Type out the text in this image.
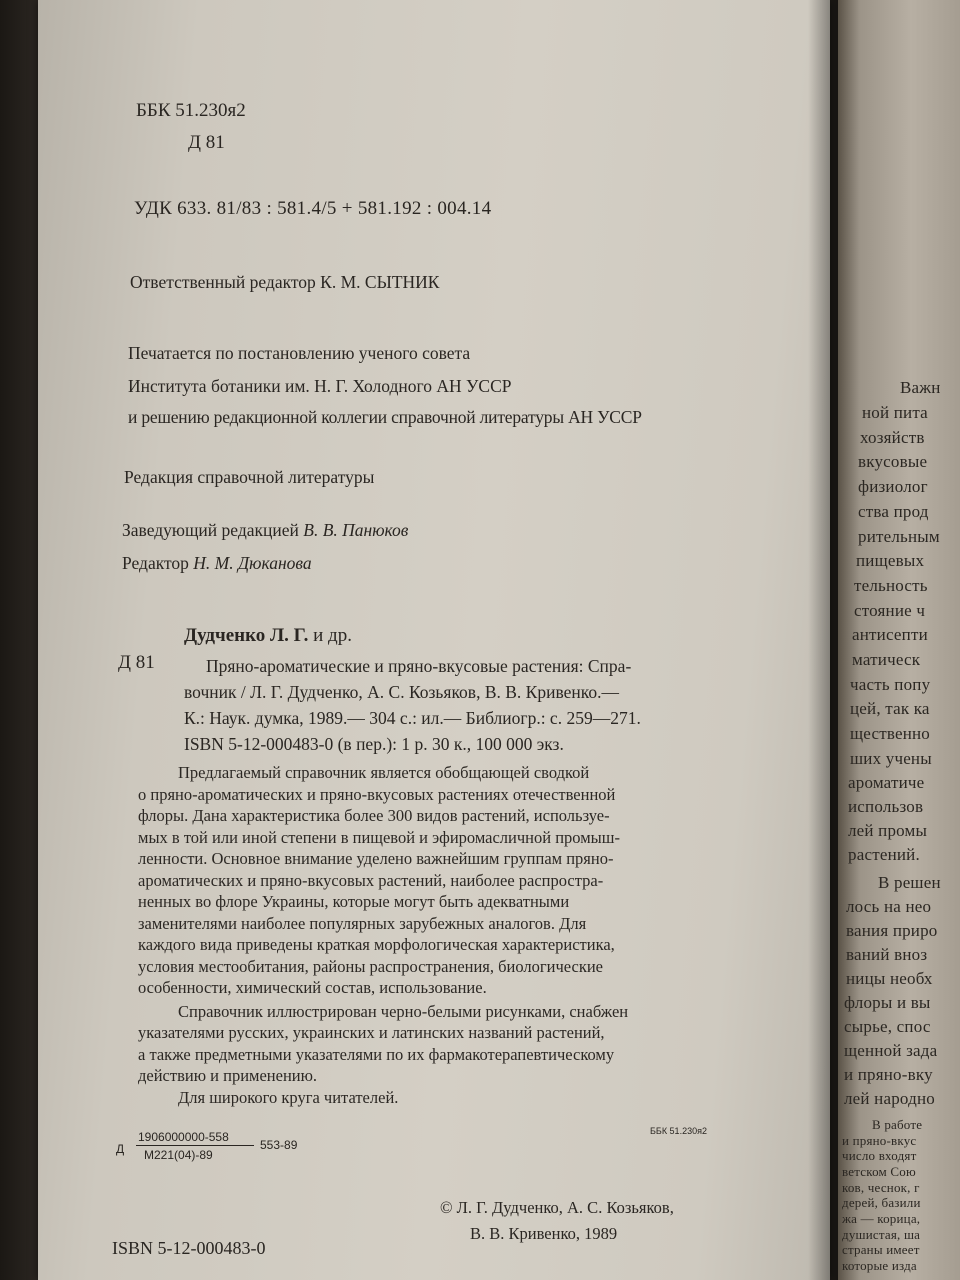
ББК 51.230я2
Д 81
УДК 633. 81/83 : 581.4/5 + 581.192 : 004.14
Ответственный редактор К. М. СЫТНИК
Печатается по постановлению ученого совета
Института ботаники им. Н. Г. Холодного АН УССР
и решению редакционной коллегии справочной литературы АН УССР
Редакция справочной литературы
Заведующий редакцией В. В. Панюков
Редактор Н. М. Дюканова
Дудченко Л. Г. и др.
Д 81	Пряно-ароматические и пряно-вкусовые растения: Спра-
вочник / Л. Г. Дудченко, А. С. Козьяков, В. В. Кривенко.—
К.: Наук. думка, 1989.— 304 с.: ил.— Библиогр.: с. 259—271.
ISBN 5-12-000483-0 (в пер.): 1 р. 30 к., 100 000 экз.
Предлагаемый справочник является обобщающей сводкой
о пряно-ароматических и пряно-вкусовых растениях отечественной
флоры. Дана характеристика более 300 видов растений, используе-
мых в той или иной степени в пищевой и эфиромасличной промыш-
ленности. Основное внимание уделено важнейшим группам пряно-
ароматических и пряно-вкусовых растений, наиболее распростра-
ненных во флоре Украины, которые могут быть адекватными
заменителями наиболее популярных зарубежных аналогов. Для
каждого вида приведены краткая морфологическая характеристика,
условия местообитания, районы распространения, биологические
особенности, химический состав, использование.
Справочник иллюстрирован черно-белыми рисунками, снабжен
указателями русских, украинских и латинских названий растений,
а также предметными указателями по их фармакотерапевтическому
действию и применению.
Для широкого круга читателей.
Д
1906000000-558
М221(04)-89
553-89
ББК 51.230я2
© Л. Г. Дудченко, А. С. Козьяков,
В. В. Кривенко, 1989
ISBN 5-12-000483-0
Важн
ной пита
хозяйств
вкусовые
физиолог
ства прод
рительным
пищевых
тельность
стояние ч
антисепти
матическ
часть попу
цей, так ка
щественно
ших учены
ароматиче
использов
лей промы
растений.
В решен
лось на нео
вания приро
ваний вноз
ницы необх
флоры и вы
сырье, спос
щенной зада
и пряно-вку
лей народно
В работе
и пряно-вкус
число входят
ветском Сою
ков, чеснок, г
дерей, базили
жа — корица,
душистая, ша
страны имеет
которые изда
